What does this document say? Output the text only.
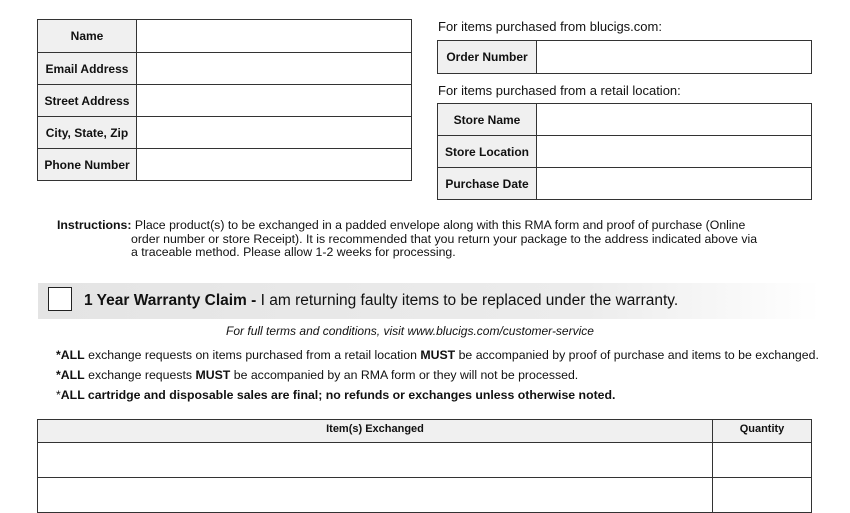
Name	
Email Address	
Street Address	
City, State, Zip	
Phone Number	
For items purchased from blucigs.com:
Order Number	
For items purchased from a retail location:
Store Name	
Store Location	
Purchase Date	
Instructions: Place product(s) to be exchanged in a padded envelope along with this RMA form and proof of purchase (Online
order number or store Receipt). It is recommended that you return your package to the address indicated above via
a traceable method. Please allow 1-2 weeks for processing.
1 Year Warranty Claim - I am returning faulty items to be replaced under the warranty.
For full terms and conditions, visit www.blucigs.com/customer-service
*ALL exchange requests on items purchased from a retail location MUST be accompanied by proof of purchase and items to be exchanged.
*ALL exchange requests MUST be accompanied by an RMA form or they will not be processed.
*ALL cartridge and disposable sales are final; no refunds or exchanges unless otherwise noted.
Item(s) Exchanged	Quantity
